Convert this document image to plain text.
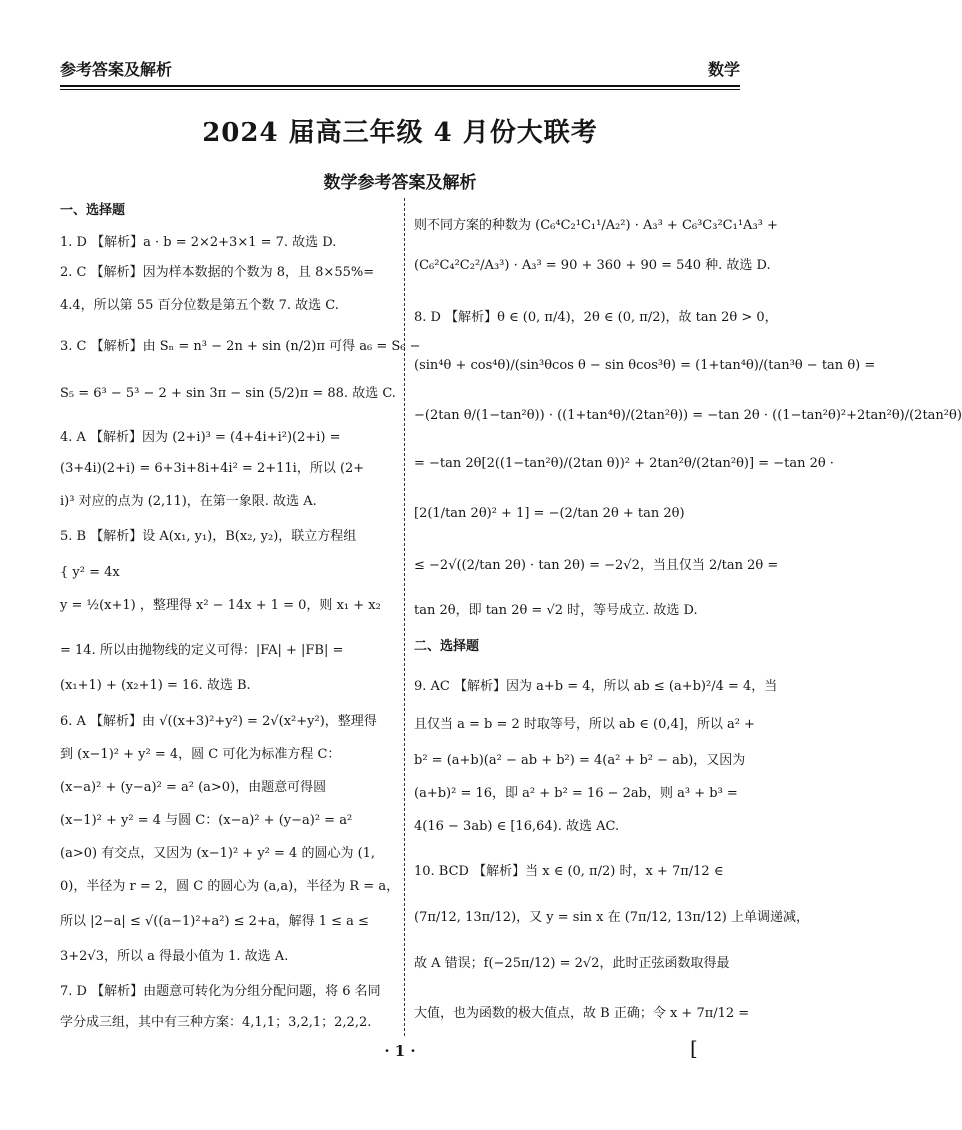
参考答案及解析	数学
2024 届高三年级 4 月份大联考
数学参考答案及解析
一、选择题
1. D 【解析】a · b = 2×2+3×1 = 7. 故选 D.
2. C 【解析】因为样本数据的个数为 8，且 8×55%=
4.4，所以第 55 百分位数是第五个数 7. 故选 C.
3. C 【解析】由 Sₙ = n³ − 2n + sin (n/2)π 可得 a₆ = S₆ −
S₅ = 6³ − 5³ − 2 + sin 3π − sin (5/2)π = 88. 故选 C.
4. A 【解析】因为 (2+i)³ = (4+4i+i²)(2+i) =
(3+4i)(2+i) = 6+3i+8i+4i² = 2+11i，所以 (2+
i)³ 对应的点为 (2,11)，在第一象限. 故选 A.
5. B 【解析】设 A(x₁, y₁)，B(x₂, y₂)，联立方程组
{ y² = 4x
y = ½(x+1) ，整理得 x² − 14x + 1 = 0，则 x₁ + x₂
= 14. 所以由抛物线的定义可得：|FA| + |FB| =
(x₁+1) + (x₂+1) = 16. 故选 B.
6. A 【解析】由 √((x+3)²+y²) = 2√(x²+y²)，整理得
到 (x−1)² + y² = 4，圆 C 可化为标准方程 C：
(x−a)² + (y−a)² = a² (a>0)，由题意可得圆
(x−1)² + y² = 4 与圆 C：(x−a)² + (y−a)² = a²
(a>0) 有交点，又因为 (x−1)² + y² = 4 的圆心为 (1,
0)，半径为 r = 2，圆 C 的圆心为 (a,a)，半径为 R = a，
所以 |2−a| ≤ √((a−1)²+a²) ≤ 2+a，解得 1 ≤ a ≤
3+2√3，所以 a 得最小值为 1. 故选 A.
7. D 【解析】由题意可转化为分组分配问题，将 6 名同
学分成三组，其中有三种方案：4,1,1；3,2,1；2,2,2.
则不同方案的种数为 (C₆⁴C₂¹C₁¹/A₂²) · A₃³ + C₆³C₃²C₁¹A₃³ +
(C₆²C₄²C₂²/A₃³) · A₃³ = 90 + 360 + 90 = 540 种. 故选 D.
8. D 【解析】θ ∈ (0, π/4)，2θ ∈ (0, π/2)，故 tan 2θ > 0，
(sin⁴θ + cos⁴θ)/(sin³θcos θ − sin θcos³θ) = (1+tan⁴θ)/(tan³θ − tan θ) =
−(2tan θ/(1−tan²θ)) · ((1+tan⁴θ)/(2tan²θ)) = −tan 2θ · ((1−tan²θ)²+2tan²θ)/(2tan²θ)
= −tan 2θ[2((1−tan²θ)/(2tan θ))² + 2tan²θ/(2tan²θ)] = −tan 2θ ·
[2(1/tan 2θ)² + 1] = −(2/tan 2θ + tan 2θ)
≤ −2√((2/tan 2θ) · tan 2θ) = −2√2，当且仅当 2/tan 2θ =
tan 2θ，即 tan 2θ = √2 时，等号成立. 故选 D.
二、选择题
9. AC 【解析】因为 a+b = 4，所以 ab ≤ (a+b)²/4 = 4，当
且仅当 a = b = 2 时取等号，所以 ab ∈ (0,4]，所以 a² +
b² = (a+b)(a² − ab + b²) = 4(a² + b² − ab)，又因为
(a+b)² = 16，即 a² + b² = 16 − 2ab，则 a³ + b³ =
4(16 − 3ab) ∈ [16,64). 故选 AC.
10. BCD 【解析】当 x ∈ (0, π/2) 时，x + 7π/12 ∈
(7π/12, 13π/12)，又 y = sin x 在 (7π/12, 13π/12) 上单调递减，
故 A 错误；f(−25π/12) = 2√2，此时正弦函数取得最
大值，也为函数的极大值点，故 B 正确；令 x + 7π/12 =
· 1 ·	[
